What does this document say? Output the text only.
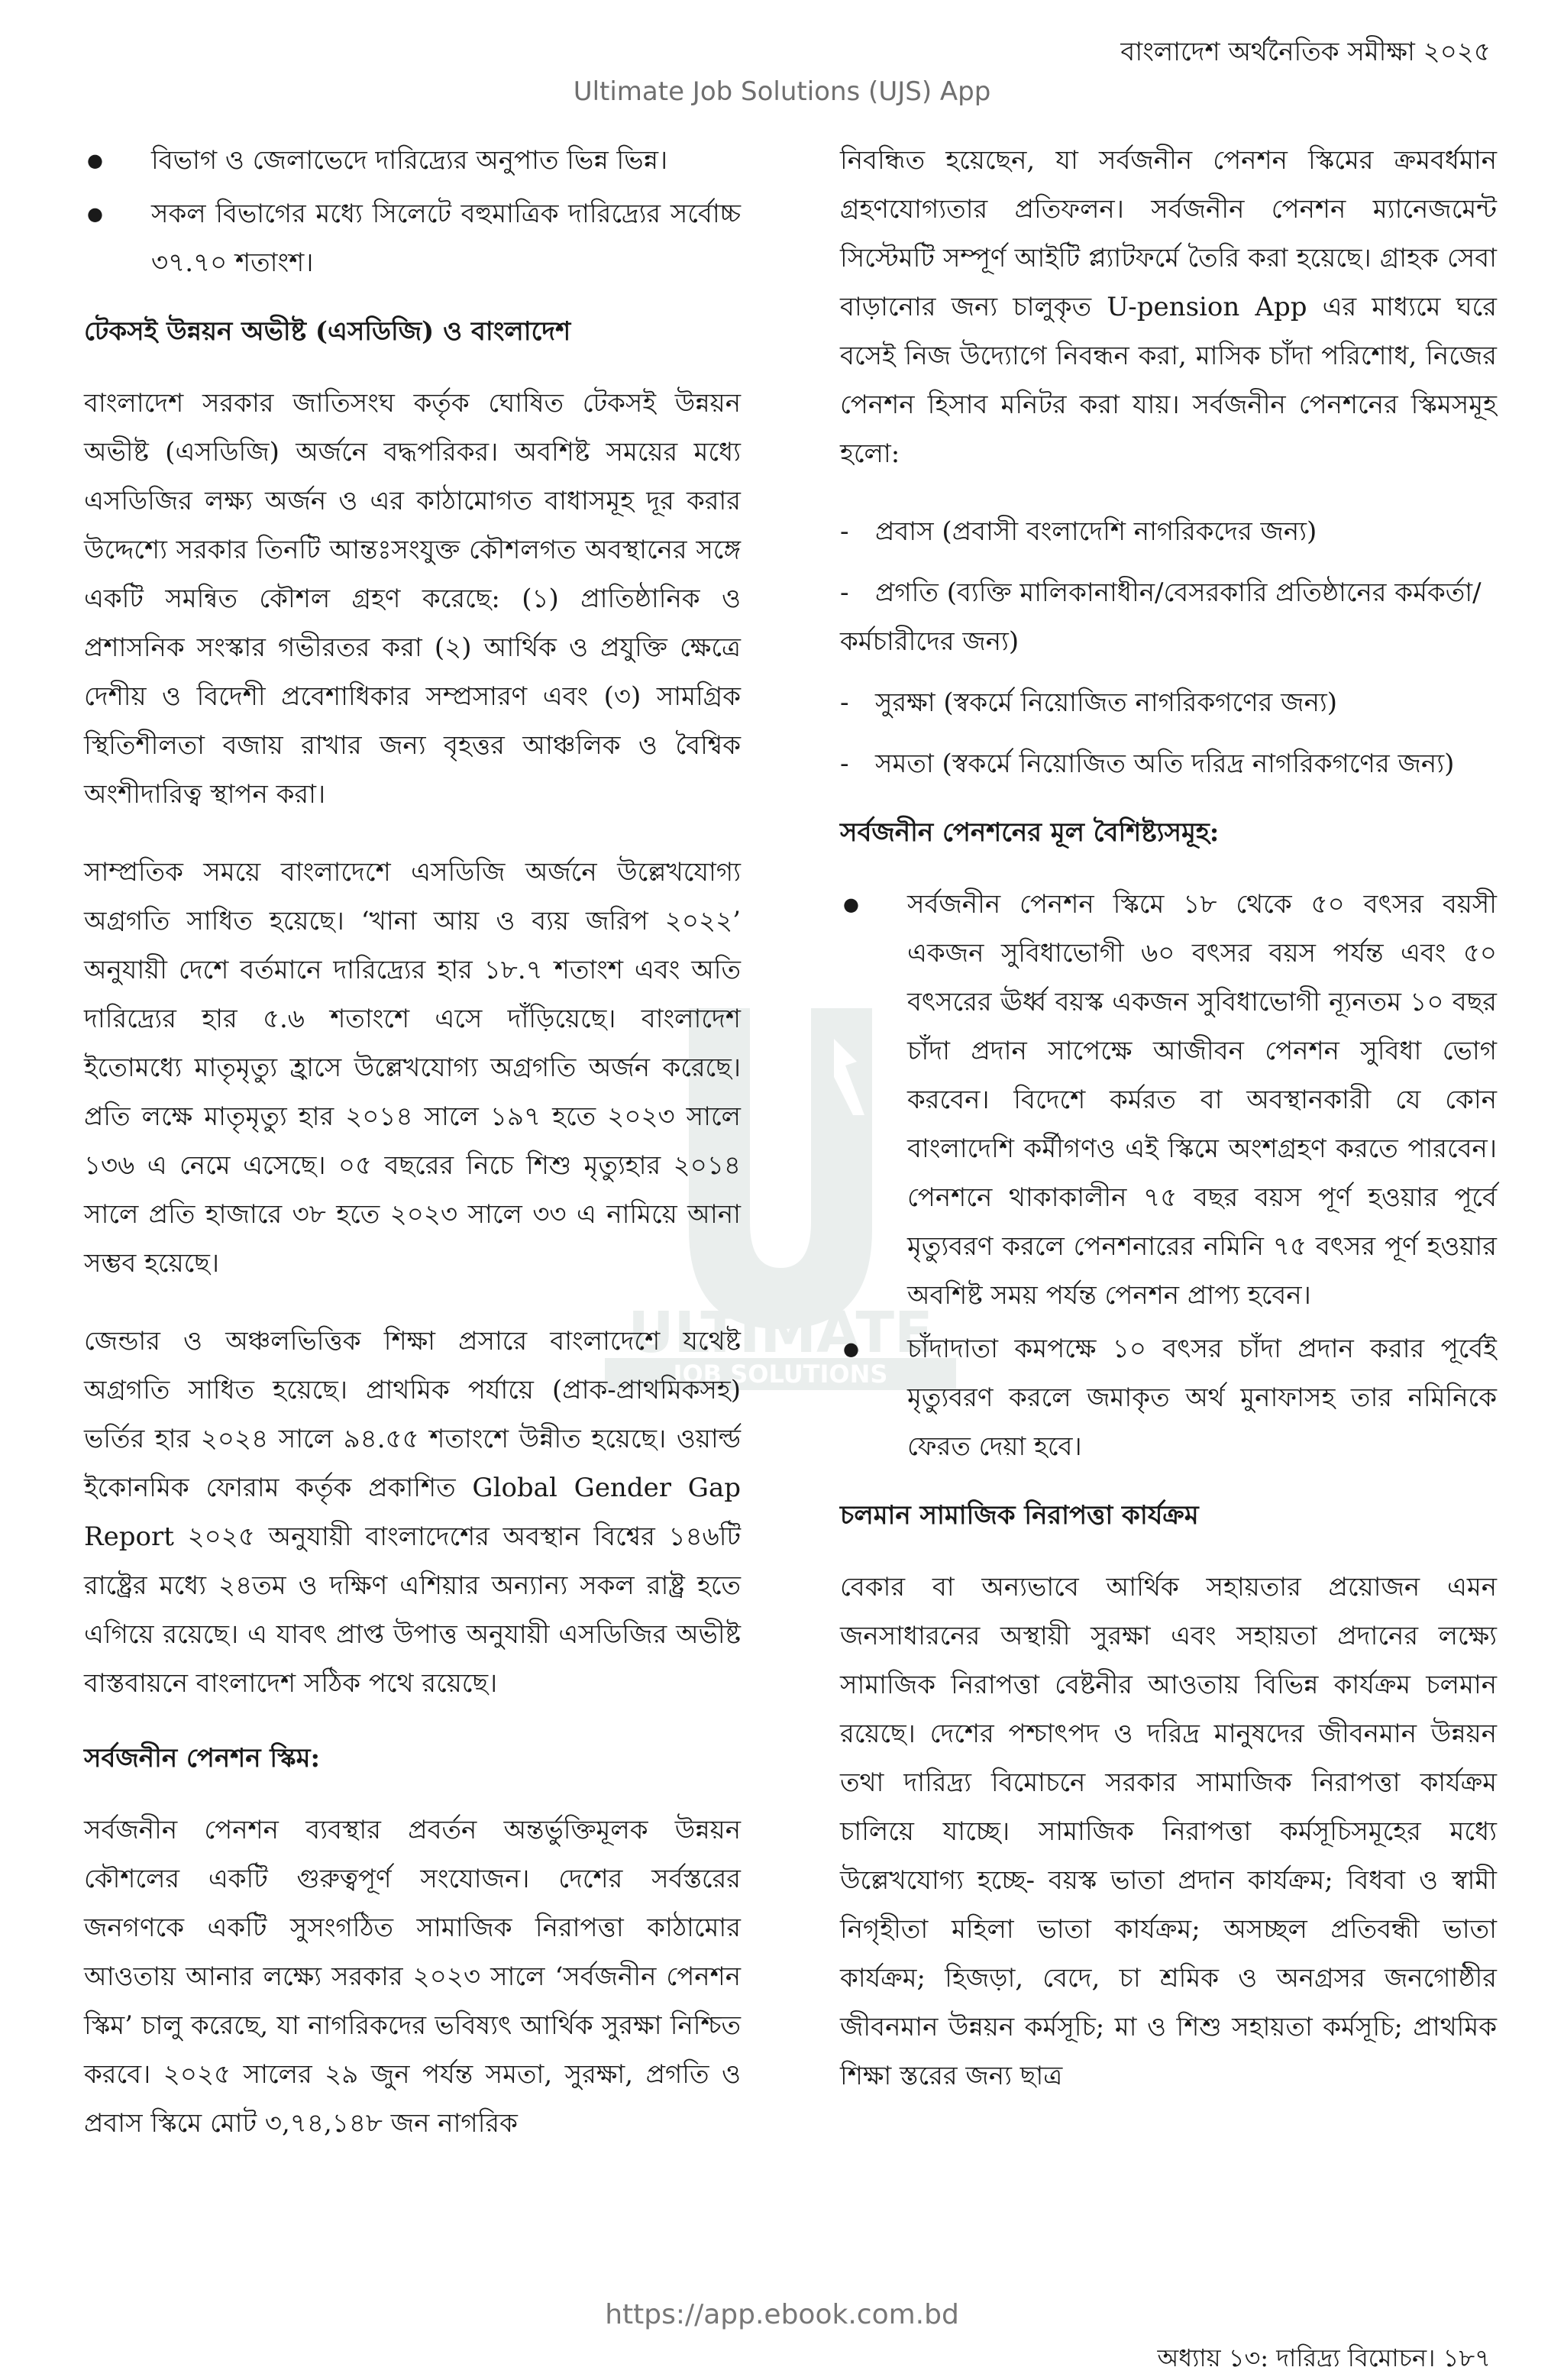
বাংলাদেশ অর্থনৈতিক সমীক্ষা ২০২৫
Ultimate Job Solutions (UJS) App
ULTIMATE
JOB SOLUTIONS
● বিভাগ ও জেলাভেদে দারিদ্র্যের অনুপাত ভিন্ন ভিন্ন।
● সকল বিভাগের মধ্যে সিলেটে বহুমাত্রিক দারিদ্র্যের সর্বোচ্চ ৩৭.৭০ শতাংশ।
টেকসই উন্নয়ন অভীষ্ট (এসডিজি) ও বাংলাদেশ

বাংলাদেশ সরকার জাতিসংঘ কর্তৃক ঘোষিত টেকসই উন্নয়ন অভীষ্ট (এসডিজি) অর্জনে বদ্ধপরিকর। অবশিষ্ট সময়ের মধ্যে এসডিজির লক্ষ্য অর্জন ও এর কাঠামোগত বাধাসমূহ দূর করার উদ্দেশ্যে সরকার তিনটি আন্তঃসংযুক্ত কৌশলগত অবস্থানের সঙ্গে একটি সমন্বিত কৌশল গ্রহণ করেছে: (১) প্রাতিষ্ঠানিক ও প্রশাসনিক সংস্কার গভীরতর করা (২) আর্থিক ও প্রযুক্তি ক্ষেত্রে দেশীয় ও বিদেশী প্রবেশাধিকার সম্প্রসারণ এবং (৩) সামগ্রিক স্থিতিশীলতা বজায় রাখার জন্য বৃহত্তর আঞ্চলিক ও বৈশ্বিক অংশীদারিত্ব স্থাপন করা।

সাম্প্রতিক সময়ে বাংলাদেশে এসডিজি অর্জনে উল্লেখযোগ্য অগ্রগতি সাধিত হয়েছে। ‘খানা আয় ও ব্যয় জরিপ ২০২২’ অনুযায়ী দেশে বর্তমানে দারিদ্র্যের হার ১৮.৭ শতাংশ এবং অতি দারিদ্র্যের হার ৫.৬ শতাংশে এসে দাঁড়িয়েছে। বাংলাদেশ ইতোমধ্যে মাতৃমৃত্যু হ্রাসে উল্লেখযোগ্য অগ্রগতি অর্জন করেছে। প্রতি লক্ষে মাতৃমৃত্যু হার ২০১৪ সালে ১৯৭ হতে ২০২৩ সালে ১৩৬ এ নেমে এসেছে। ০৫ বছরের নিচে শিশু মৃত্যুহার ২০১৪ সালে প্রতি হাজারে ৩৮ হতে ২০২৩ সালে ৩৩ এ নামিয়ে আনা সম্ভব হয়েছে।

জেন্ডার ও অঞ্চলভিত্তিক শিক্ষা প্রসারে বাংলাদেশে যথেষ্ট অগ্রগতি সাধিত হয়েছে। প্রাথমিক পর্যায়ে (প্রাক-প্রাথমিকসহ) ভর্তির হার ২০২৪ সালে ৯৪.৫৫ শতাংশে উন্নীত হয়েছে। ওয়ার্ল্ড ইকোনমিক ফোরাম কর্তৃক প্রকাশিত Global Gender Gap Report ২০২৫ অনুযায়ী বাংলাদেশের অবস্থান বিশ্বের ১৪৬টি রাষ্ট্রের মধ্যে ২৪তম ও দক্ষিণ এশিয়ার অন্যান্য সকল রাষ্ট্র হতে এগিয়ে রয়েছে। এ যাবৎ প্রাপ্ত উপাত্ত অনুযায়ী এসডিজির অভীষ্ট বাস্তবায়নে বাংলাদেশ সঠিক পথে রয়েছে।

সর্বজনীন পেনশন স্কিম:

সর্বজনীন পেনশন ব্যবস্থার প্রবর্তন অন্তর্ভুক্তিমূলক উন্নয়ন কৌশলের একটি গুরুত্বপূর্ণ সংযোজন। দেশের সর্বস্তরের জনগণকে একটি সুসংগঠিত সামাজিক নিরাপত্তা কাঠামোর আওতায় আনার লক্ষ্যে সরকার ২০২৩ সালে ‘সর্বজনীন পেনশন স্কিম’ চালু করেছে, যা নাগরিকদের ভবিষ্যৎ আর্থিক সুরক্ষা নিশ্চিত করবে। ২০২৫ সালের ২৯ জুন পর্যন্ত সমতা, সুরক্ষা, প্রগতি ও প্রবাস স্কিমে মোট ৩,৭৪,১৪৮ জন নাগরিক

নিবন্ধিত হয়েছেন, যা সর্বজনীন পেনশন স্কিমের ক্রমবর্ধমান গ্রহণযোগ্যতার প্রতিফলন। সর্বজনীন পেনশন ম্যানেজমেন্ট সিস্টেমটি সম্পূর্ণ আইটি প্ল্যাটফর্মে তৈরি করা হয়েছে। গ্রাহক সেবা বাড়ানোর জন্য চালুকৃত U-pension App এর মাধ্যমে ঘরে বসেই নিজ উদ্যোগে নিবন্ধন করা, মাসিক চাঁদা পরিশোধ, নিজের পেনশন হিসাব মনিটর করা যায়। সর্বজনীন পেনশনের স্কিমসমূহ হলো:

- প্রবাস (প্রবাসী বংলাদেশি নাগরিকদের জন্য)
- প্রগতি (ব্যক্তি মালিকানাধীন/বেসরকারি প্রতিষ্ঠানের কর্মকর্তা/কর্মচারীদের জন্য)
- সুরক্ষা (স্বকর্মে নিয়োজিত নাগরিকগণের জন্য)
- সমতা (স্বকর্মে নিয়োজিত অতি দরিদ্র নাগরিকগণের জন্য)
সর্বজনীন পেনশনের মূল বৈশিষ্ট্যসমূহ:
● সর্বজনীন পেনশন স্কিমে ১৮ থেকে ৫০ বৎসর বয়সী একজন সুবিধাভোগী ৬০ বৎসর বয়স পর্যন্ত এবং ৫০ বৎসরের ঊর্ধ্ব বয়স্ক একজন সুবিধাভোগী ন্যূনতম ১০ বছর চাঁদা প্রদান সাপেক্ষে আজীবন পেনশন সুবিধা ভোগ করবেন। বিদেশে কর্মরত বা অবস্থানকারী যে কোন বাংলাদেশি কর্মীগণও এই স্কিমে অংশগ্রহণ করতে পারবেন। পেনশনে থাকাকালীন ৭৫ বছর বয়স পূর্ণ হওয়ার পূর্বে মৃত্যুবরণ করলে পেনশনারের নমিনি ৭৫ বৎসর পূর্ণ হওয়ার অবশিষ্ট সময় পর্যন্ত পেনশন প্রাপ্য হবেন।
● চাঁদাদাতা কমপক্ষে ১০ বৎসর চাঁদা প্রদান করার পূর্বেই মৃত্যুবরণ করলে জমাকৃত অর্থ মুনাফাসহ তার নমিনিকে ফেরত দেয়া হবে।
চলমান সামাজিক নিরাপত্তা কার্যক্রম

বেকার বা অন্যভাবে আর্থিক সহায়তার প্রয়োজন এমন জনসাধারনের অস্থায়ী সুরক্ষা এবং সহায়তা প্রদানের লক্ষ্যে সামাজিক নিরাপত্তা বেষ্টনীর আওতায় বিভিন্ন কার্যক্রম চলমান রয়েছে। দেশের পশ্চাৎপদ ও দরিদ্র মানুষদের জীবনমান উন্নয়ন তথা দারিদ্র্য বিমোচনে সরকার সামাজিক নিরাপত্তা কার্যক্রম চালিয়ে যাচ্ছে। সামাজিক নিরাপত্তা কর্মসূচিসমূহের মধ্যে উল্লেখযোগ্য হচ্ছে- বয়স্ক ভাতা প্রদান কার্যক্রম; বিধবা ও স্বামী নিগৃহীতা মহিলা ভাতা কার্যক্রম; অসচ্ছল প্রতিবন্ধী ভাতা কার্যক্রম; হিজড়া, বেদে, চা শ্রমিক ও অনগ্রসর জনগোষ্ঠীর জীবনমান উন্নয়ন কর্মসূচি; মা ও শিশু সহায়তা কর্মসূচি; প্রাথমিক শিক্ষা স্তরের জন্য ছাত্র

https://app.ebook.com.bd
অধ্যায় ১৩: দারিদ্র্য বিমোচন। ১৮৭
